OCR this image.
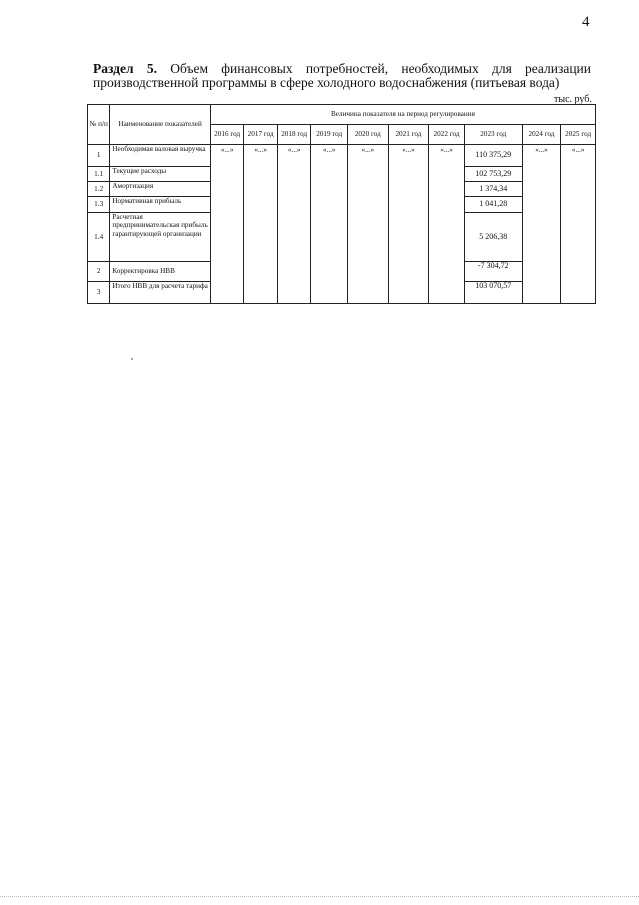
4
Раздел 5. Объем финансовых потребностей, необходимых для реализации
производственной программы в сфере холодного водоснабжения (питьевая вода)
тыс. руб.
№ п/п	Наименование показателей	Величина показателя на период регулирования									
		2016 год	2017 год	2018 год	2019 год	2020 год	2021 год	2022 год	2023 год	2024 год	2025 год
1	Необходимая валовая выручка	«...»	«...»	«...»	«...»	«...»	«...»	«...»	110 375,29	«...»	«...»
1.1	Текущие расходы								102 753,29		
1.2	Амортизация								1 374,34		
1.3	Нормативная прибыль								1 041,28		
1.4	Расчетная предпринимательская прибыль гарантирующей организации								5 206,38		
2	Корректировка НВВ								-7 304,72		
3	Итого НВВ для расчета тарифа								103 070,57		
